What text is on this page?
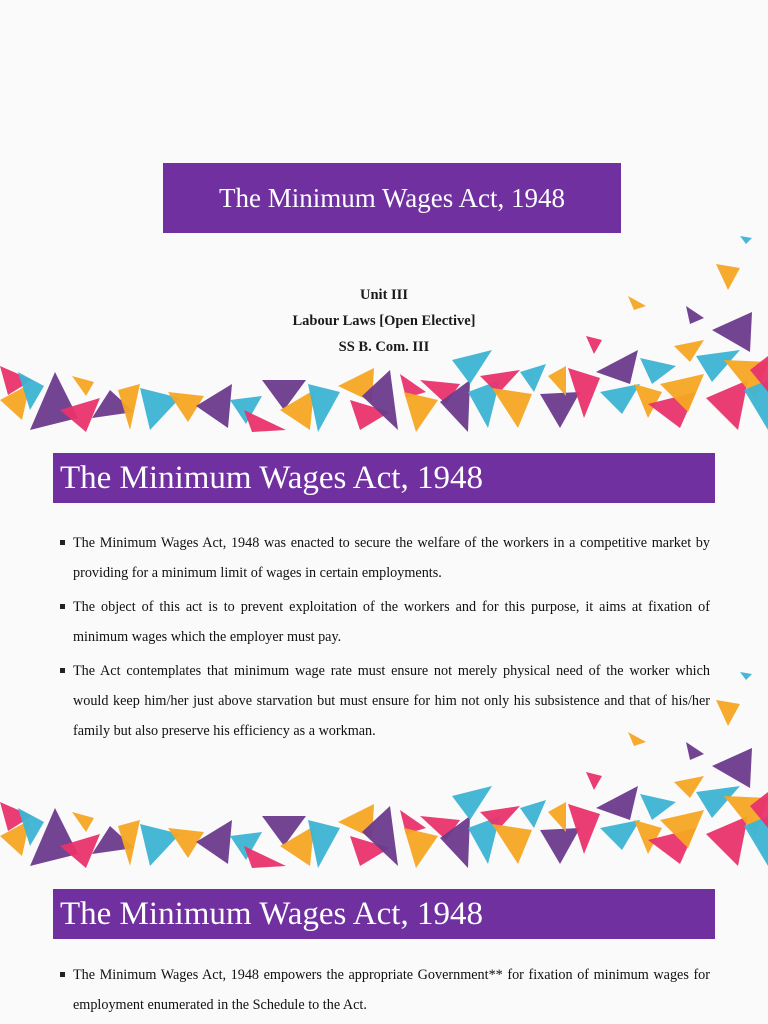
The Minimum Wages Act, 1948
Unit III
Labour Laws [Open Elective]
SS B. Com. III
The Minimum Wages Act, 1948
The Minimum Wages Act, 1948 was enacted to secure the welfare of the workers in a competitive market by providing for a minimum limit of wages in certain employments.
The object of this act is to prevent exploitation of the workers and for this purpose, it aims at fixation of minimum wages which the employer must pay.
The Act contemplates that minimum wage rate must ensure not merely physical need of the worker which would keep him/her just above starvation but must ensure for him not only his subsistence and that of his/her family but also preserve his efficiency as a workman.
The Minimum Wages Act, 1948
The Minimum Wages Act, 1948 empowers the appropriate Government** for fixation of minimum wages for employment enumerated in the Schedule to the Act.
